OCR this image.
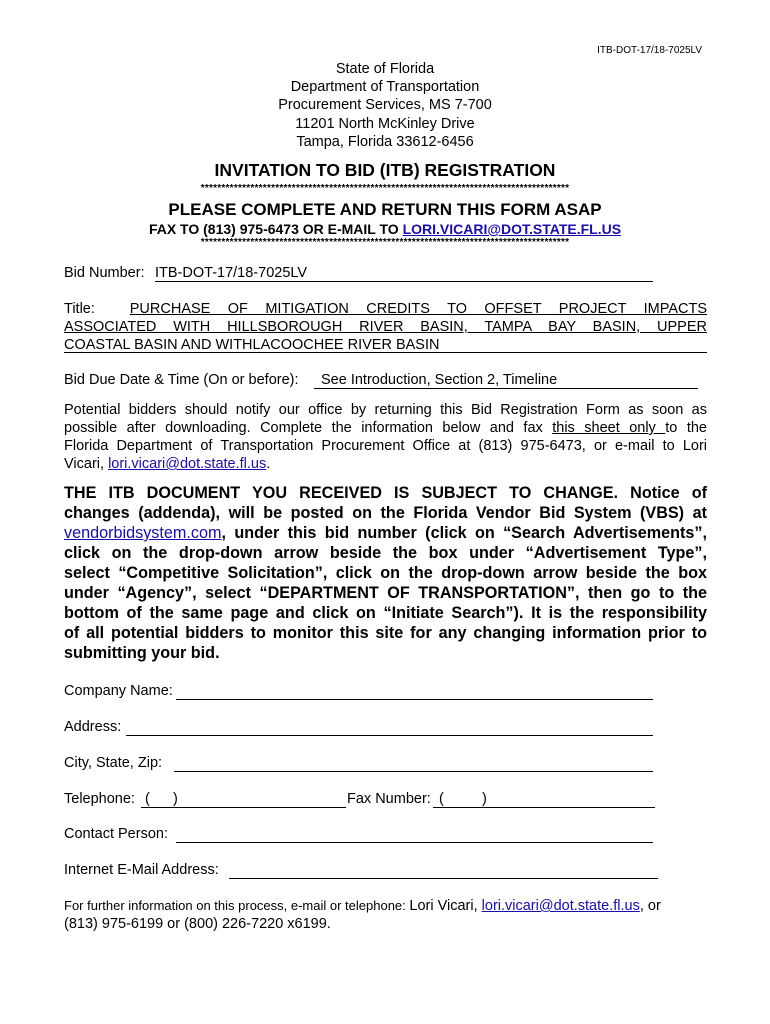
ITB-DOT-17/18-7025LV
State of Florida
Department of Transportation
Procurement Services, MS 7-700
11201 North McKinley Drive
Tampa, Florida 33612-6456
INVITATION TO BID (ITB) REGISTRATION
*****************************************************************************************
PLEASE COMPLETE AND RETURN THIS FORM ASAP
FAX TO (813) 975-6473 OR E-MAIL TO LORI.VICARI@DOT.STATE.FL.US
*****************************************************************************************
Bid Number: ITB-DOT-17/18-7025LV
Title: PURCHASE OF MITIGATION CREDITS TO OFFSET PROJECT IMPACTS
ASSOCIATED WITH HILLSBOROUGH RIVER BASIN, TAMPA BAY BASIN, UPPER
COASTAL BASIN AND WITHLACOOCHEE RIVER BASIN
Bid Due Date & Time (On or before): See Introduction, Section 2, Timeline
Potential bidders should notify our office by returning this Bid Registration Form as soon as
possible after downloading. Complete the information below and fax this sheet only to the
Florida Department of Transportation Procurement Office at (813) 975-6473, or e-mail to Lori
Vicari, lori.vicari@dot.state.fl.us.
THE ITB DOCUMENT YOU RECEIVED IS SUBJECT TO CHANGE. Notice of
changes (addenda), will be posted on the Florida Vendor Bid System (VBS) at
vendorbidsystem.com, under this bid number (click on “Search Advertisements”,
click on the drop-down arrow beside the box under “Advertisement Type”,
select “Competitive Solicitation”, click on the drop-down arrow beside the box
under “Agency”, select “DEPARTMENT OF TRANSPORTATION”, then go to the
bottom of the same page and click on “Initiate Search”). It is the responsibility
of all potential bidders to monitor this site for any changing information prior to
submitting your bid.
Company Name:
Address:
City, State, Zip:
Telephone: ( )	Fax Number: (	)
Contact Person:
Internet E-Mail Address:
For further information on this process, e-mail or telephone: Lori Vicari, lori.vicari@dot.state.fl.us, or
(813) 975-6199 or (800) 226-7220 x6199.
